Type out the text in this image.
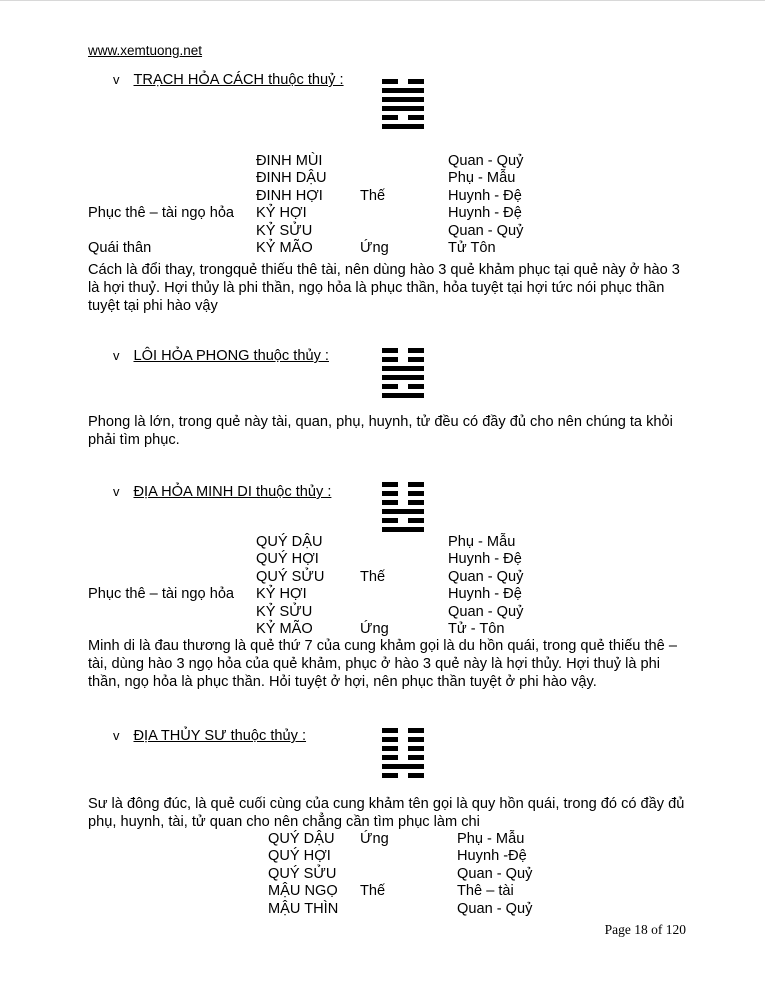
www.xemtuong.net
v TRẠCH HỎA CÁCH thuộc thuỷ :
ĐINH MÙI	Quan - Quỷ
ĐINH DẬU	Phụ - Mẫu
ĐINH HỢI	Thế	Huynh - Đệ
Phục thê – tài ngọ hỏa	KỶ HỢI	Huynh - Đệ
KỶ SỬU	Quan - Quỷ
Quái thân	KỶ MÃO	Ứng	Tử Tôn
Cách là đổi thay, trongquẻ thiếu thê tài, nên dùng hào 3 quẻ khảm phục tại quẻ này ở hào 3 là hợi thuỷ. Hợi thủy là phi thần, ngọ hỏa là phục thần, hỏa tuyệt tại hợi tức nói phục thần tuyệt tại phi hào vậy
v LÔI HỎA PHONG thuộc thủy :
Phong là lớn, trong quẻ này tài, quan, phụ, huynh, tử đều có đầy đủ cho nên chúng ta khỏi phải tìm phục.
v ĐỊA HỎA MINH DI thuộc thủy :
QUÝ DẬU	Phụ - Mẫu
QUÝ HỢI	Huynh - Đệ
QUÝ SỬU	Thế	Quan - Quỷ
Phục thê – tài ngọ hỏa	KỶ HỢI	Huynh - Đệ
KỶ SỬU	Quan - Quỷ
KỶ MÃO	Ứng	Tử - Tôn
Minh di là đau thương là quẻ thứ 7 của cung khảm gọi là du hồn quái, trong quẻ thiếu thê – tài, dùng hào 3 ngọ hỏa của quẻ khảm, phục ở hào 3 quẻ này là hợi thủy. Hợi thuỷ là phi thần, ngọ hỏa là phục thần. Hỏi tuyệt ở hợi, nên phục thần tuyệt ở phi hào vậy.
v ĐỊA THỦY SƯ thuộc thủy :
Sư là đông đúc, là quẻ cuối cùng của cung khảm tên gọi là quy hồn quái, trong đó có đầy đủ phụ, huynh, tài, tử quan cho nên chẳng cần tìm phục làm chi
QUÝ DẬU	Ứng	Phụ - Mẫu
QUÝ HỢI	Huynh -Đệ
QUÝ SỬU	Quan - Quỷ
MẬU NGỌ	Thế	Thê – tài
MẬU THÌN	Quan - Quỷ
Page 18 of 120
